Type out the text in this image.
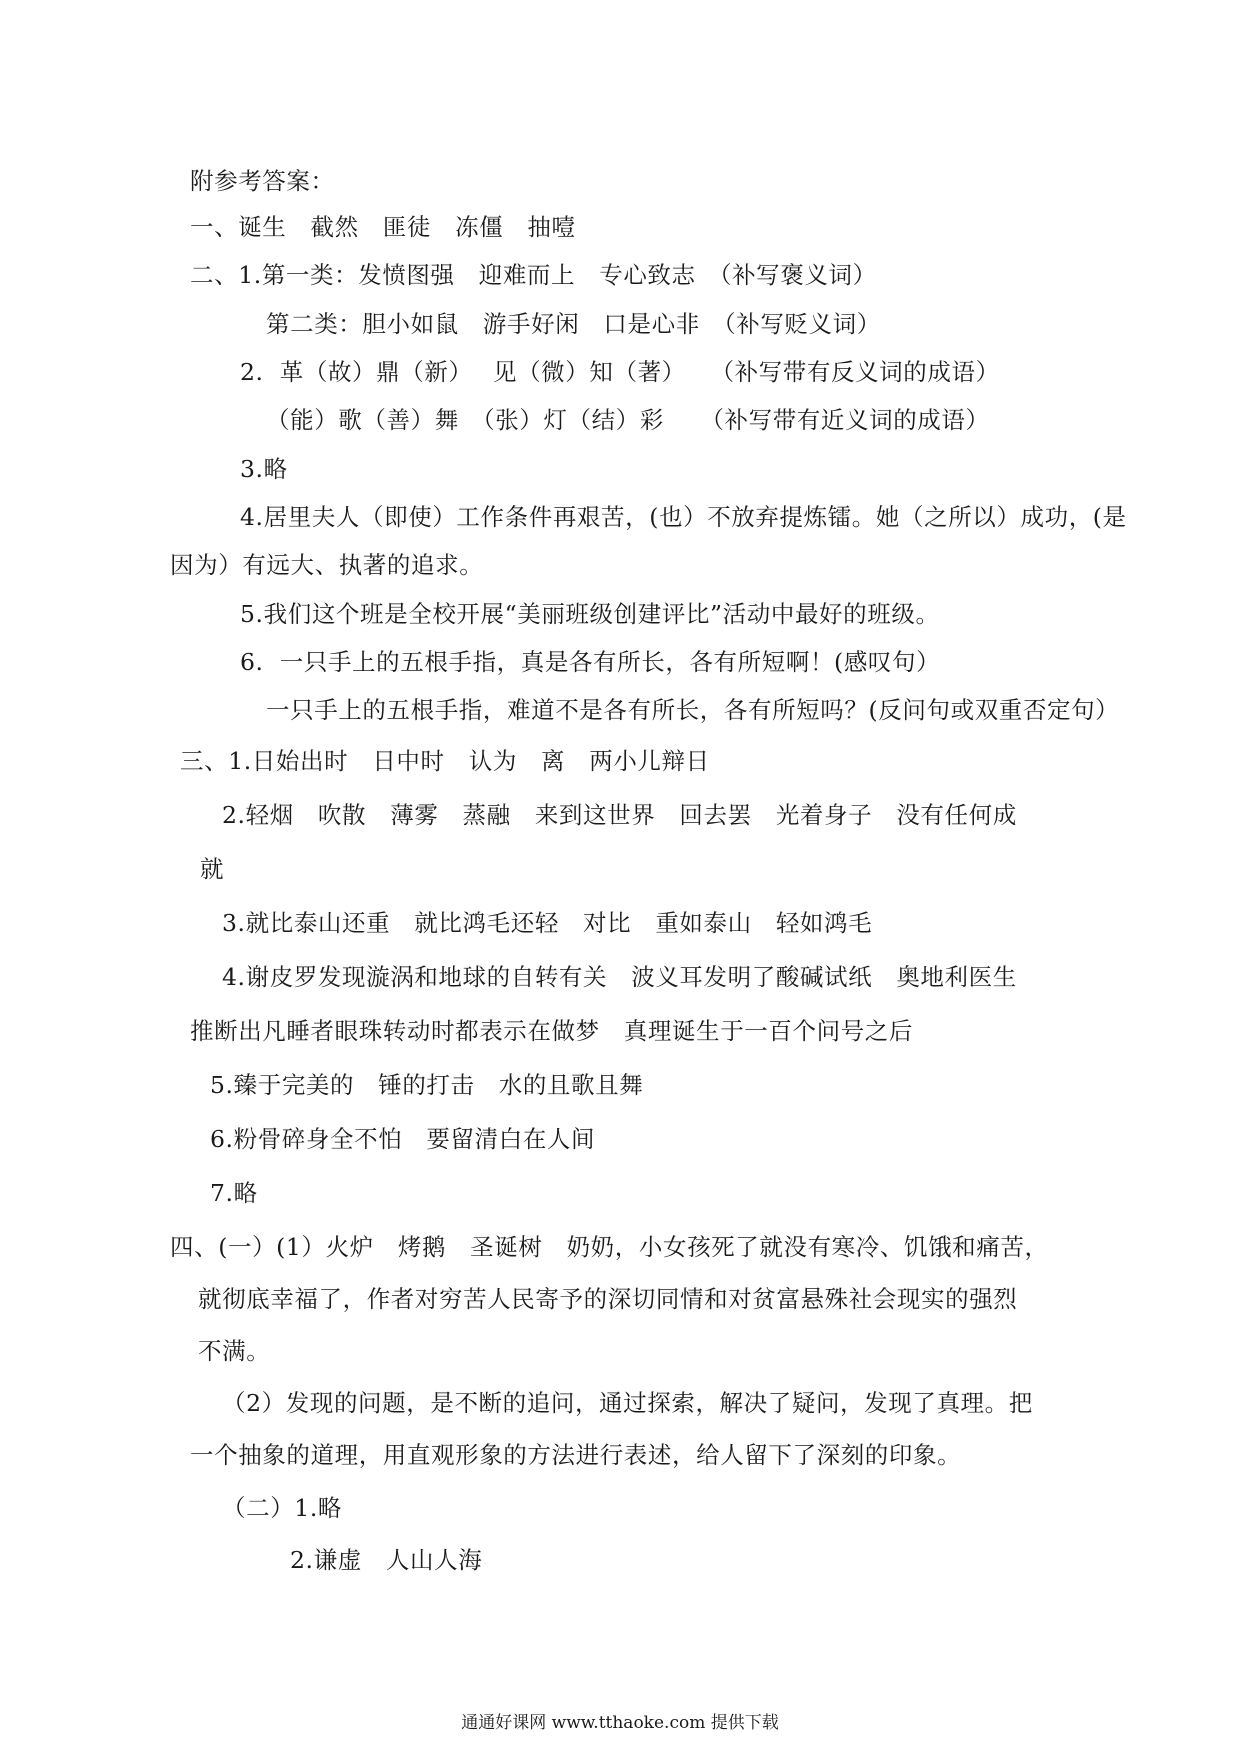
附参考答案：
一、诞生　截然　匪徒　冻僵　抽噎
二、1.第一类：发愤图强　迎难而上　专心致志　（补写褒义词）
第二类：胆小如鼠　游手好闲　口是心非　（补写贬义词）
2.  革（故）鼎（新）　 见（微）知（著）　　（补写带有反义词的成语）
（能）歌（善）舞　（张）灯（结）彩　　（补写带有近义词的成语）
3.略
4.居里夫人（即使）工作条件再艰苦，(也）不放弃提炼镭。她（之所以）成功，(是
因为）有远大、执著的追求。
5.我们这个班是全校开展“美丽班级创建评比”活动中最好的班级。
6.  一只手上的五根手指，真是各有所长，各有所短啊！(感叹句）
一只手上的五根手指，难道不是各有所长，各有所短吗？(反问句或双重否定句）
三、1.日始出时　日中时　认为　离　两小儿辩日
2.轻烟　吹散　薄雾　蒸融　来到这世界　回去罢　光着身子　没有任何成
就
3.就比泰山还重　就比鸿毛还轻　对比　重如泰山　轻如鸿毛
4.谢皮罗发现漩涡和地球的自转有关　波义耳发明了酸碱试纸　奥地利医生
推断出凡睡者眼珠转动时都表示在做梦　真理诞生于一百个问号之后
5.臻于完美的　锤的打击　水的且歌且舞
6.粉骨碎身全不怕　要留清白在人间
7.略
四、(一）(1）火炉　烤鹅　圣诞树　奶奶，小女孩死了就没有寒冷、饥饿和痛苦，
就彻底幸福了，作者对穷苦人民寄予的深切同情和对贫富悬殊社会现实的强烈
不满。
（2）发现的问题，是不断的追问，通过探索，解决了疑问，发现了真理。把
一个抽象的道理，用直观形象的方法进行表述，给人留下了深刻的印象。
（二）1.略
2.谦虚　人山人海
通通好课网 www.tthaoke.com 提供下载
